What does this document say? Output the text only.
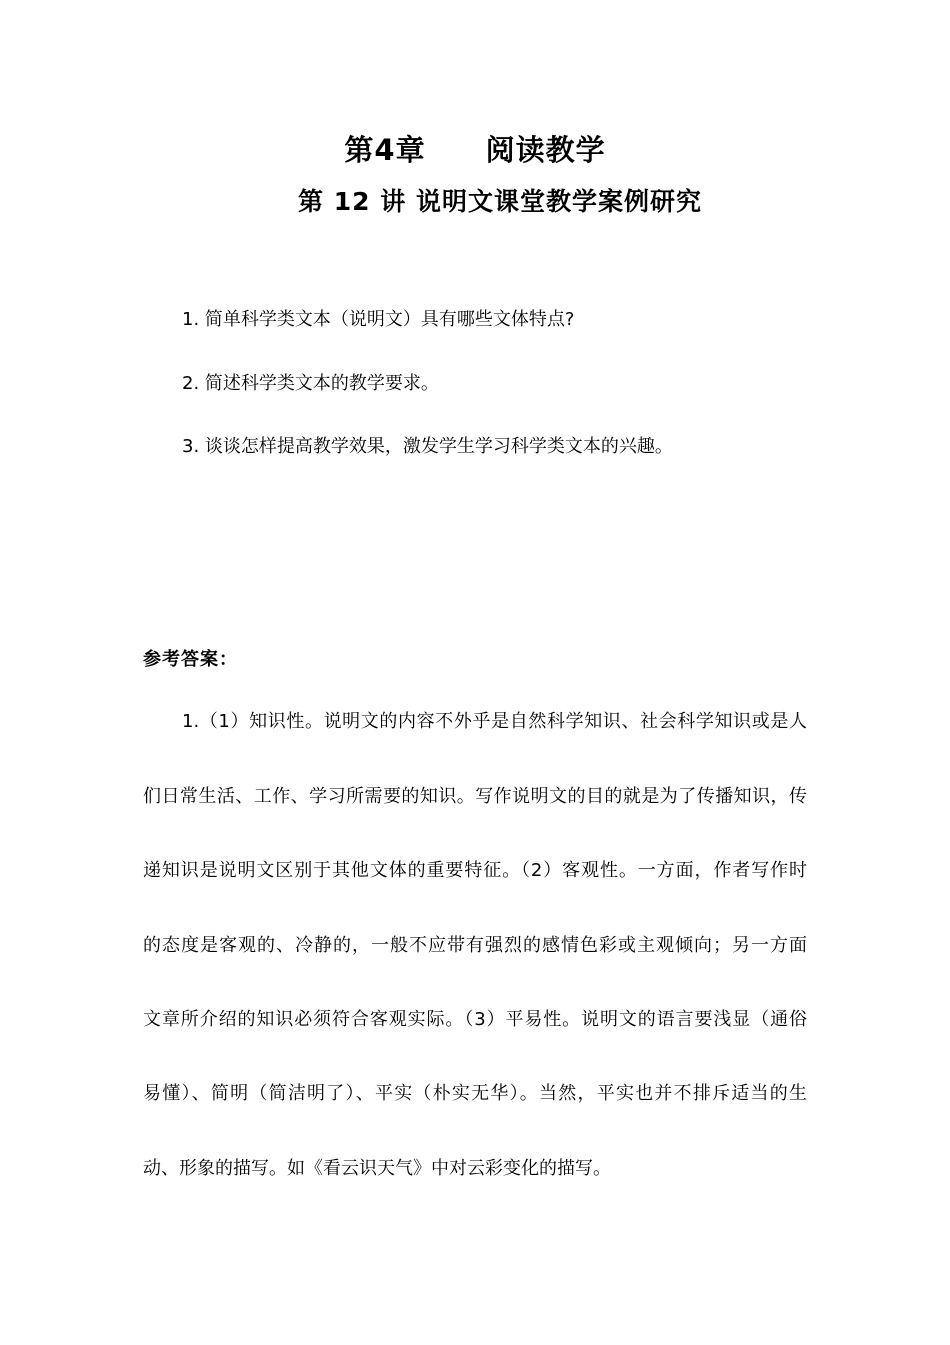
第4章　　阅读教学
第 12 讲 说明文课堂教学案例研究
1. 简单科学类文本（说明文）具有哪些文体特点?
2. 简述科学类文本的教学要求。
3. 谈谈怎样提高教学效果，激发学生学习科学类文本的兴趣。
参考答案：
1.（1）知识性。说明文的内容不外乎是自然科学知识、社会科学知识或是人
们日常生活、工作、学习所需要的知识。写作说明文的目的就是为了传播知识，传
递知识是说明文区别于其他文体的重要特征。（2）客观性。一方面，作者写作时
的态度是客观的、冷静的，一般不应带有强烈的感情色彩或主观倾向；另一方面
文章所介绍的知识必须符合客观实际。（3）平易性。说明文的语言要浅显（通俗
易懂）、简明（简洁明了）、平实（朴实无华）。当然，平实也并不排斥适当的生
动、形象的描写。如《看云识天气》中对云彩变化的描写。
